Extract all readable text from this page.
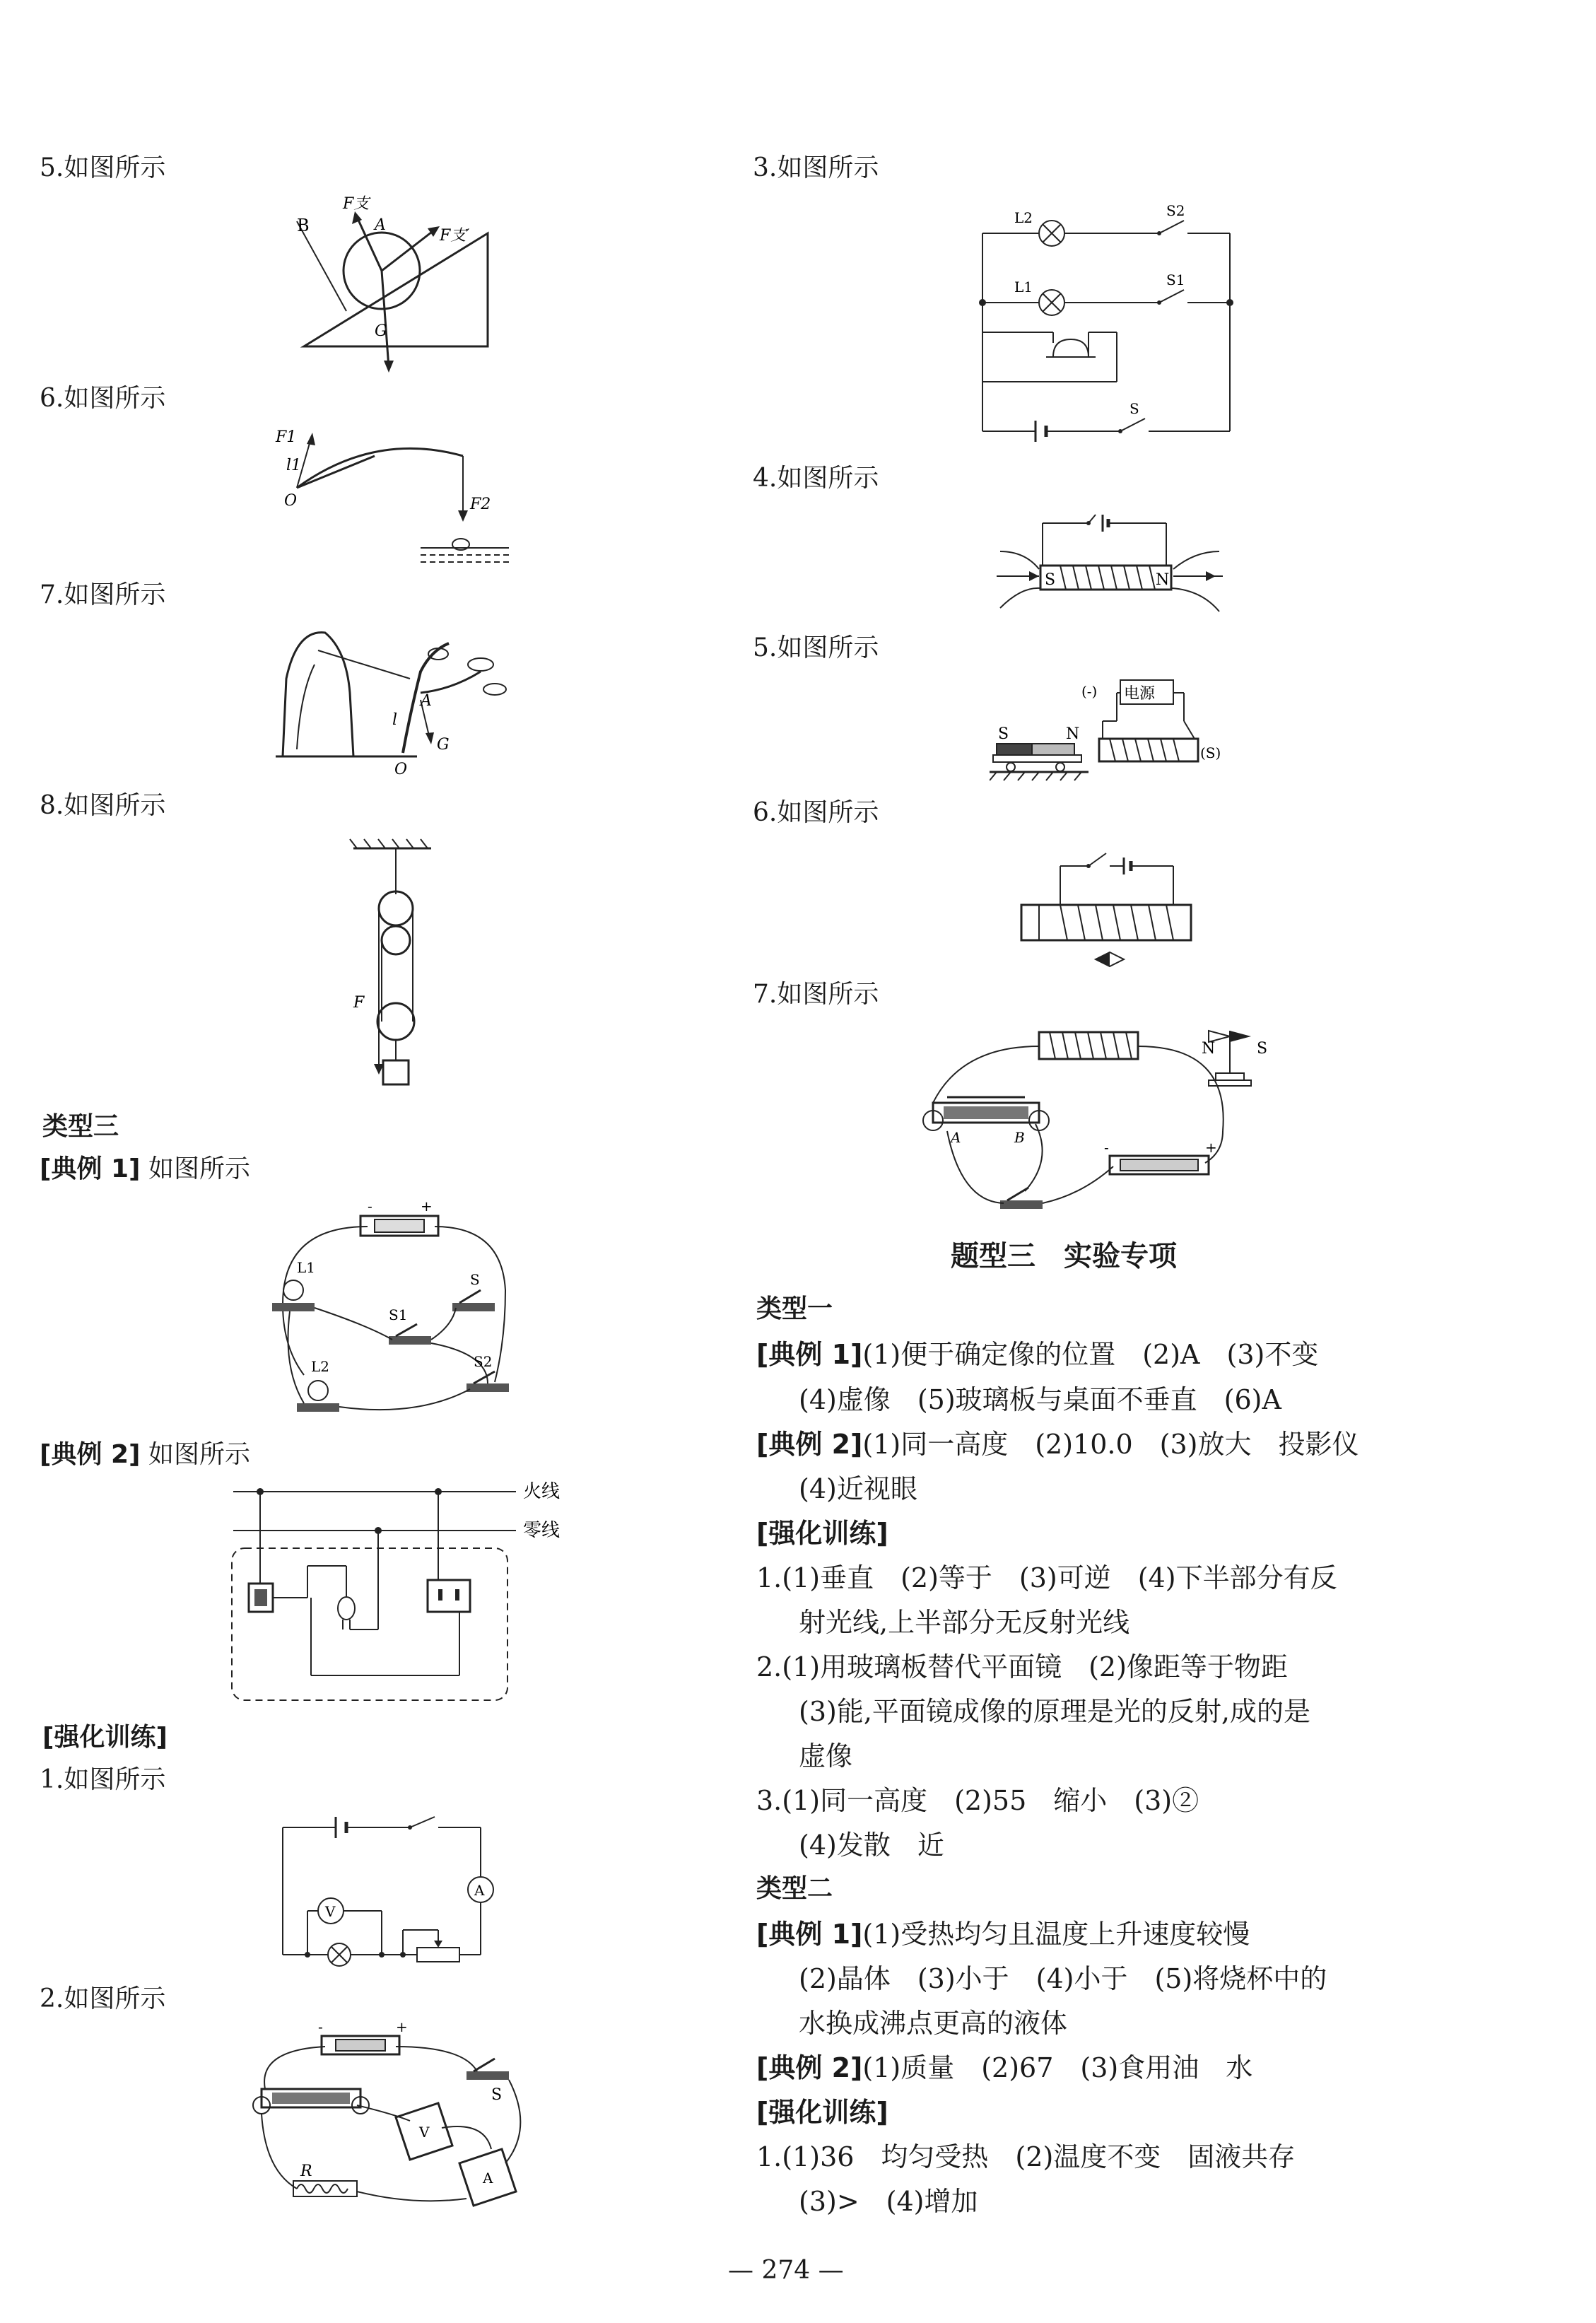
5.如图所示
B	A
F支
F支′
G
6.如图所示
F1
l1
O	F2
7.如图所示
l
A
O
G
8.如图所示
F
类型三
[典例 1] 如图所示
-	+
L1
S
S1
L2	S2
[典例 2] 如图所示
火线
零线
[强化训练]
1.如图所示
A
V
2.如图所示
-	+
S
V
A
R
3.如图所示
L2	S2
L1	S1
S
4.如图所示
S	N
5.如图所示
(-) 电源
(S)
S	N
6.如图所示
7.如图所示
N	S
A	B
-	+
题型三　实验专项
类型一
[典例 1](1)便于确定像的位置　(2)A　(3)不变
(4)虚像　(5)玻璃板与桌面不垂直　(6)A
[典例 2](1)同一高度　(2)10.0　(3)放大　投影仪
(4)近视眼
[强化训练]
1.(1)垂直　(2)等于　(3)可逆　(4)下半部分有反
射光线,上半部分无反射光线
2.(1)用玻璃板替代平面镜　(2)像距等于物距
(3)能,平面镜成像的原理是光的反射,成的是
虚像
3.(1)同一高度　(2)55　缩小　(3)②
(4)发散　近
类型二
[典例 1](1)受热均匀且温度上升速度较慢
(2)晶体　(3)小于　(4)小于　(5)将烧杯中的
水换成沸点更高的液体
[典例 2](1)质量　(2)67　(3)食用油　水
[强化训练]
1.(1)36　均匀受热　(2)温度不变　固液共存
(3)>　(4)增加
— 274 —
